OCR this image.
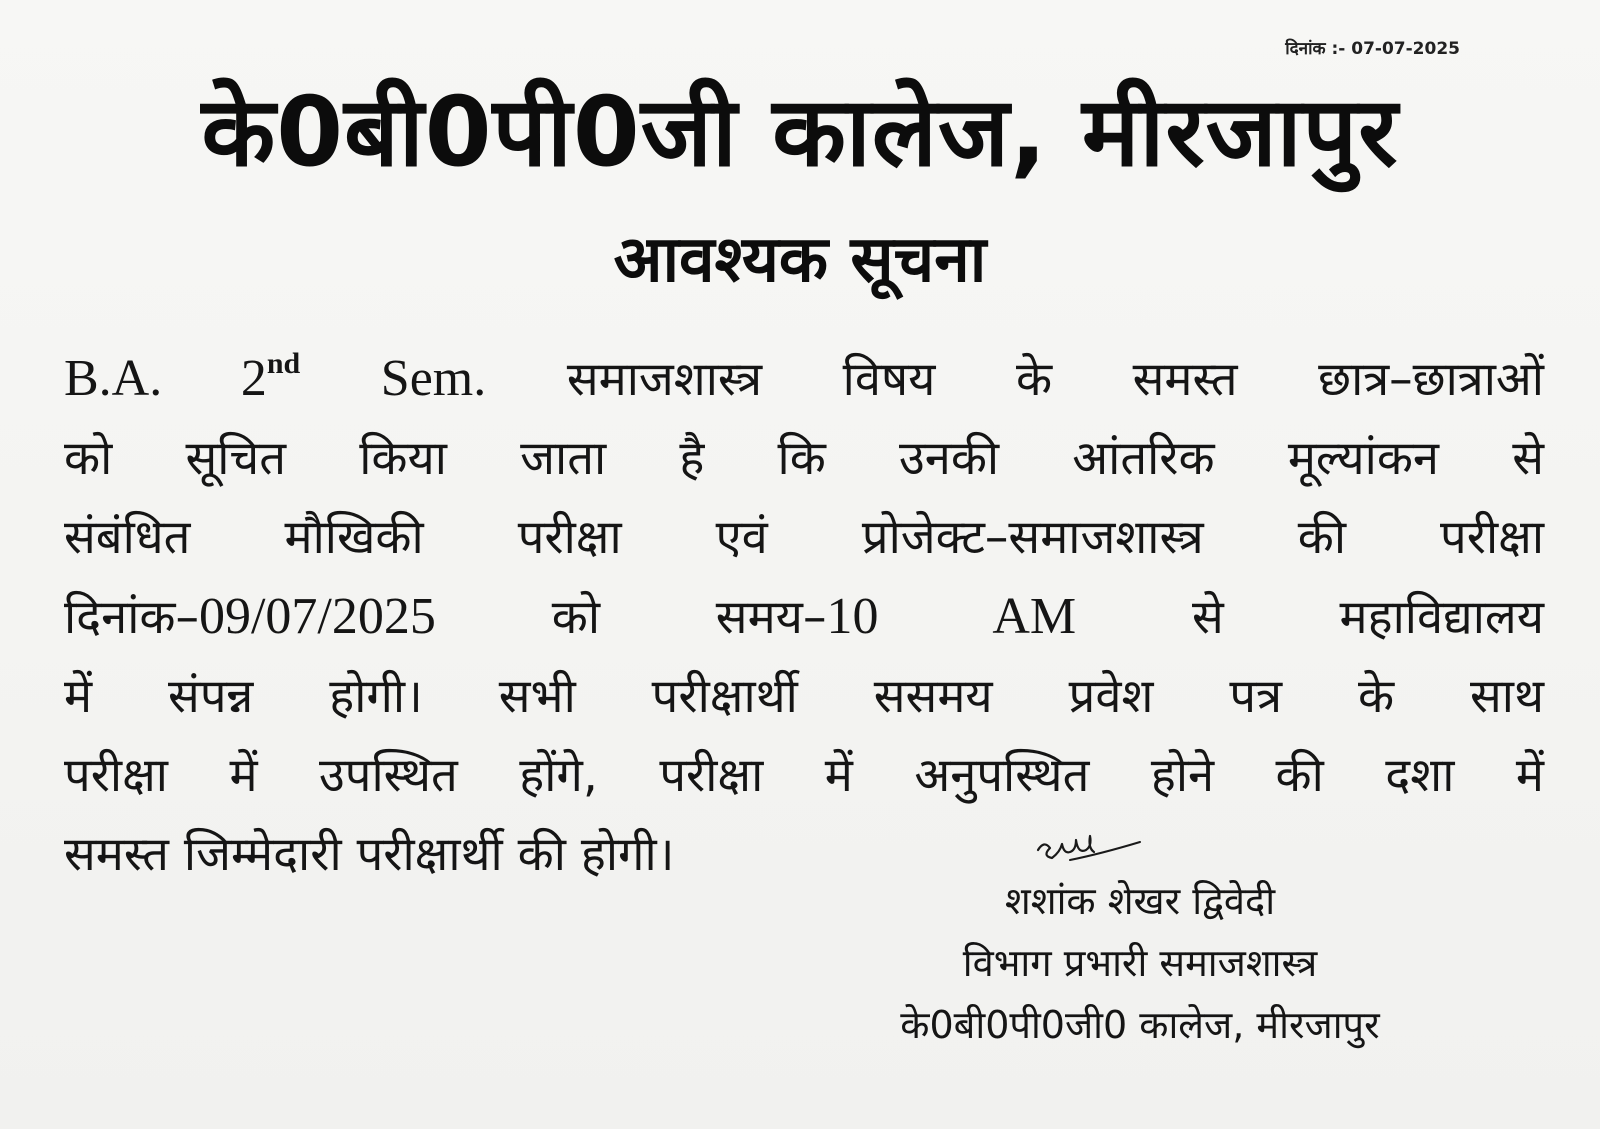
दिनांक :- 07-07-2025
के0बी0पी0जी कालेज, मीरजापुर
आवश्यक सूचना
B.A. 2nd Sem. समाजशास्त्र विषय के समस्त छात्र–छात्राओं
को सूचित किया जाता है कि उनकी आंतरिक मूल्यांकन से
संबंधित मौखिकी परीक्षा एवं प्रोजेक्ट–समाजशास्त्र की परीक्षा
दिनांक–09/07/2025 को समय–10 AM से महाविद्यालय
में संपन्न होगी। सभी परीक्षार्थी ससमय प्रवेश पत्र के साथ
परीक्षा में उपस्थित होंगे, परीक्षा में अनुपस्थित होने की दशा में
समस्त जिम्मेदारी परीक्षार्थी की होगी।
शशांक शेखर द्विवेदी
विभाग प्रभारी समाजशास्त्र
के0बी0पी0जी0 कालेज, मीरजापुर
